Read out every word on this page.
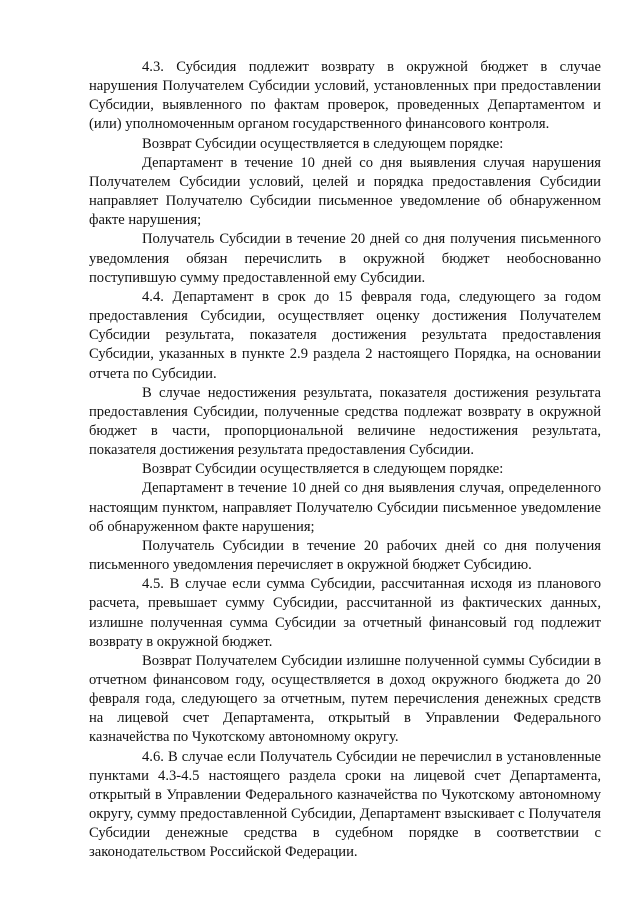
4.3. Субсидия подлежит возврату в окружной бюджет в случае нарушения Получателем Субсидии условий, установленных при предоставлении Субсидии, выявленного по фактам проверок, проведенных Департаментом и (или) уполномоченным органом государственного финансового контроля.

Возврат Субсидии осуществляется в следующем порядке:

Департамент в течение 10 дней со дня выявления случая нарушения Получателем Субсидии условий, целей и порядка предоставления Субсидии направляет Получателю Субсидии письменное уведомление об обнаруженном факте нарушения;

Получатель Субсидии в течение 20 дней со дня получения письменного уведомления обязан перечислить в окружной бюджет необоснованно поступившую сумму предоставленной ему Субсидии.

4.4. Департамент в срок до 15 февраля года, следующего за годом предоставления Субсидии, осуществляет оценку достижения Получателем Субсидии результата, показателя достижения результата предоставления Субсидии, указанных в пункте 2.9 раздела 2 настоящего Порядка, на основании отчета по Субсидии.

В случае недостижения результата, показателя достижения результата предоставления Субсидии, полученные средства подлежат возврату в окружной бюджет в части, пропорциональной величине недостижения результата, показателя достижения результата предоставления Субсидии.

Возврат Субсидии осуществляется в следующем порядке:

Департамент в течение 10 дней со дня выявления случая, определенного настоящим пунктом, направляет Получателю Субсидии письменное уведомление об обнаруженном факте нарушения;

Получатель Субсидии в течение 20 рабочих дней со дня получения письменного уведомления перечисляет в окружной бюджет Субсидию.

4.5. В случае если сумма Субсидии, рассчитанная исходя из планового расчета, превышает сумму Субсидии, рассчитанной из фактических данных, излишне полученная сумма Субсидии за отчетный финансовый год подлежит возврату в окружной бюджет.

Возврат Получателем Субсидии излишне полученной суммы Субсидии в отчетном финансовом году, осуществляется в доход окружного бюджета до 20 февраля года, следующего за отчетным, путем перечисления денежных средств на лицевой счет Департамента, открытый в Управлении Федерального казначейства по Чукотскому автономному округу.

4.6. В случае если Получатель Субсидии не перечислил в установленные пунктами 4.3-4.5 настоящего раздела сроки на лицевой счет Департамента, открытый в Управлении Федерального казначейства по Чукотскому автономному округу, сумму предоставленной Субсидии, Департамент взыскивает с Получателя Субсидии денежные средства в судебном порядке в соответствии с законодательством Российской Федерации.
